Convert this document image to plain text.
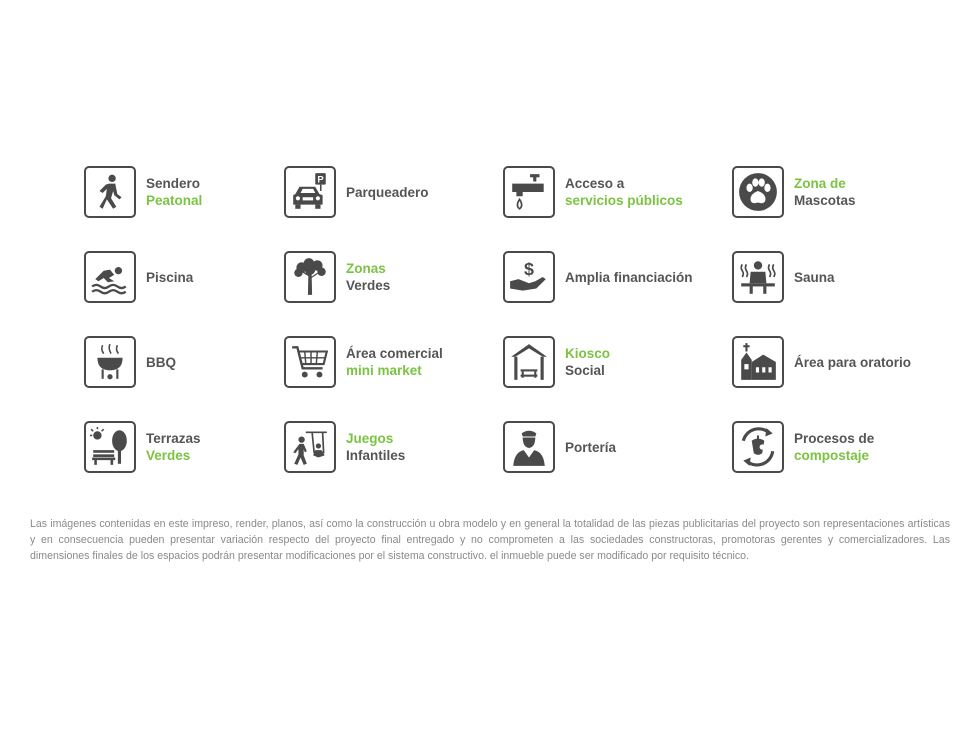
Sendero
Peatonal
P
Parqueadero
Acceso a
servicios públicos
Zona de
Mascotas
Piscina
Zonas
Verdes
$ Amplia financiación	Sauna
BBQ
Área comercial
mini market
Kiosco
Social
Área para oratorio
Terrazas
Verdes
Juegos
Infantiles
Portería
Procesos de
compostaje

Las imágenes contenidas en este impreso, render, planos, así como la construcción u obra modelo y en general la totalidad de las piezas publicitarias del proyecto son representaciones artísticas y en consecuencia pueden presentar variación respecto del proyecto final entregado y no comprometen a las sociedades constructoras, promotoras gerentes y comercializadores. Las dimensiones finales de los espacios podrán presentar modificaciones por el sistema constructivo. el inmueble puede ser modificado por requisito técnico.
